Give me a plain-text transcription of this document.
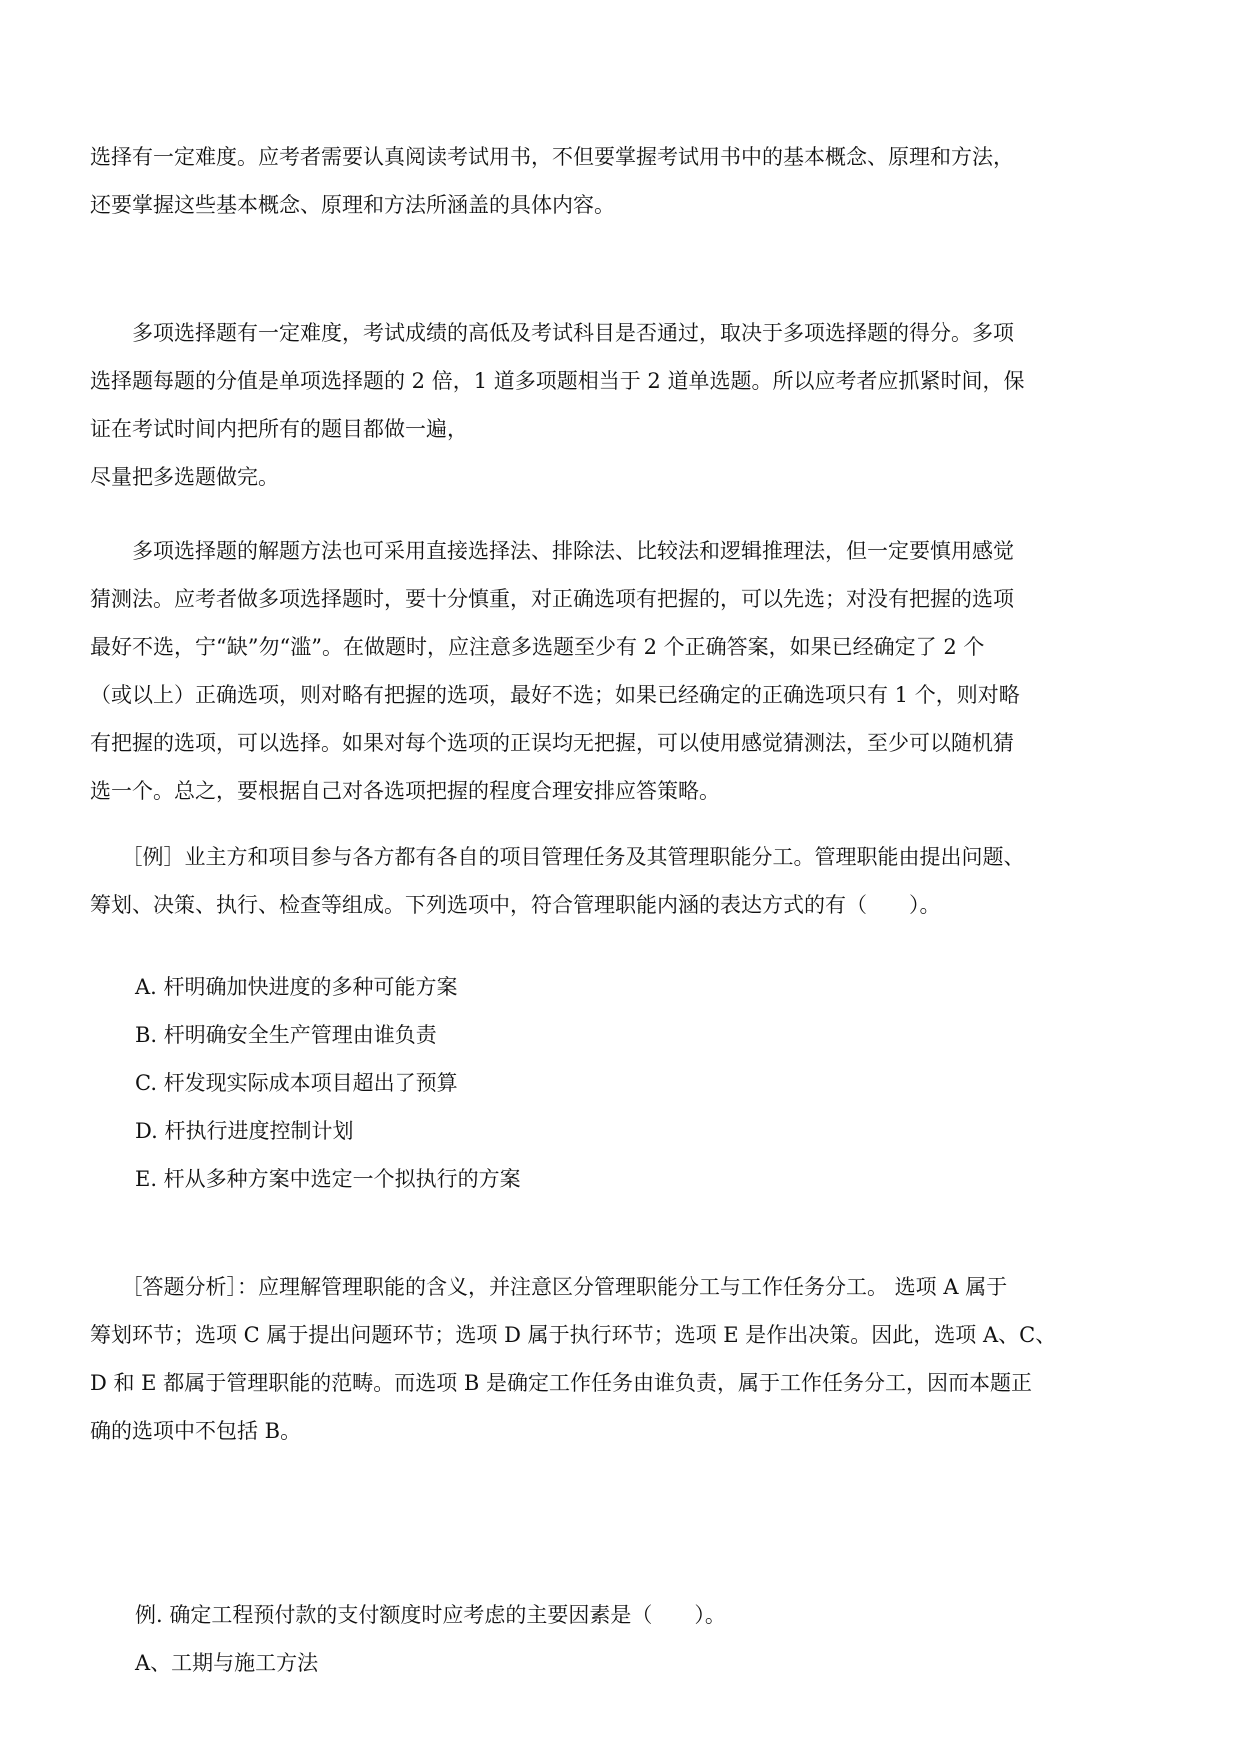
选择有一定难度。应考者需要认真阅读考试用书，不但要掌握考试用书中的基本概念、原理和方法，
还要掌握这些基本概念、原理和方法所涵盖的具体内容。
　　多项选择题有一定难度，考试成绩的高低及考试科目是否通过，取决于多项选择题的得分。多项
选择题每题的分值是单项选择题的 2 倍，1 道多项题相当于 2 道单选题。所以应考者应抓紧时间，保
证在考试时间内把所有的题目都做一遍，
尽量把多选题做完。
　　多项选择题的解题方法也可采用直接选择法、排除法、比较法和逻辑推理法，但一定要慎用感觉
猜测法。应考者做多项选择题时，要十分慎重，对正确选项有把握的，可以先选；对没有把握的选项
最好不选，宁“缺”勿“滥”。在做题时，应注意多选题至少有 2 个正确答案，如果已经确定了 2 个
（或以上）正确选项，则对略有把握的选项，最好不选；如果已经确定的正确选项只有 1 个，则对略
有把握的选项，可以选择。如果对每个选项的正误均无把握，可以使用感觉猜测法，至少可以随机猜
选一个。总之，要根据自己对各选项把握的程度合理安排应答策略。
　　［例］业主方和项目参与各方都有各自的项目管理任务及其管理职能分工。管理职能由提出问题、
筹划、决策、执行、检查等组成。下列选项中，符合管理职能内涵的表达方式的有（　　）。

A. 杆明确加快进度的多种可能方案

B. 杆明确安全生产管理由谁负责

C. 杆发现实际成本项目超出了预算

D. 杆执行进度控制计划

E. 杆从多种方案中选定一个拟执行的方案

　　［答题分析］：应理解管理职能的含义，并注意区分管理职能分工与工作任务分工。 选项 A 属于
筹划环节；选项 C 属于提出问题环节；选项 D 属于执行环节；选项 E 是作出决策。因此，选项 A、C、
D 和 E 都属于管理职能的范畴。而选项 B 是确定工作任务由谁负责，属于工作任务分工，因而本题正
确的选项中不包括 B。

例. 确定工程预付款的支付额度时应考虑的主要因素是（　　）。

A、工期与施工方法
